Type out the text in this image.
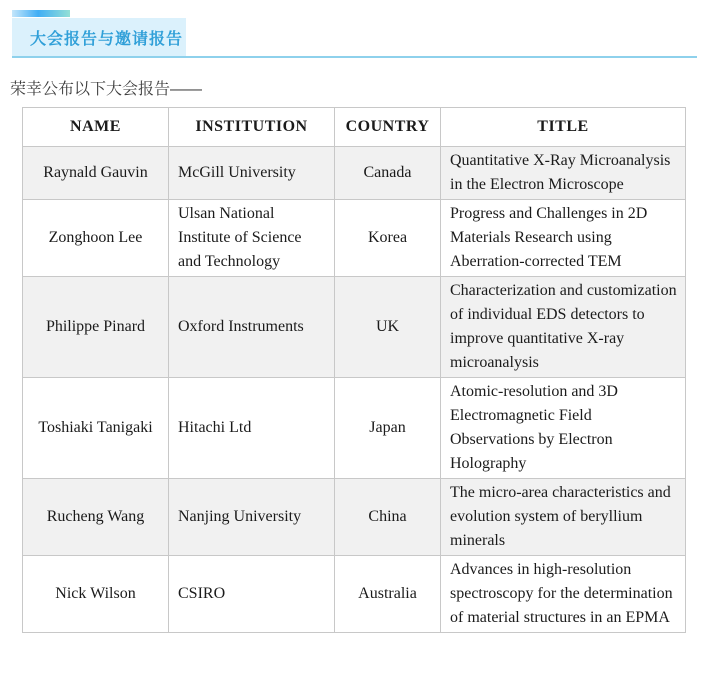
大会报告与邀请报告

荣幸公布以下大会报告——

NAME	INSTITUTION	COUNTRY	TITLE
Raynald Gauvin	McGill University	Canada	Quantitative X-Ray Microanalysis in the Electron Microscope
Zonghoon Lee	Ulsan National Institute of Science and Technology	Korea	Progress and Challenges in 2D Materials Research using Aberration-corrected TEM
Philippe Pinard	Oxford Instruments	UK	Characterization and customization of individual EDS detectors to improve quantitative X-ray microanalysis
Toshiaki Tanigaki	Hitachi Ltd	Japan	Atomic-resolution and 3D Electromagnetic Field Observations by Electron Holography
Rucheng Wang	Nanjing University	China	The micro-area characteristics and evolution system of beryllium minerals
Nick Wilson	CSIRO	Australia	Advances in high-resolution spectroscopy for the determination of material structures in an EPMA
